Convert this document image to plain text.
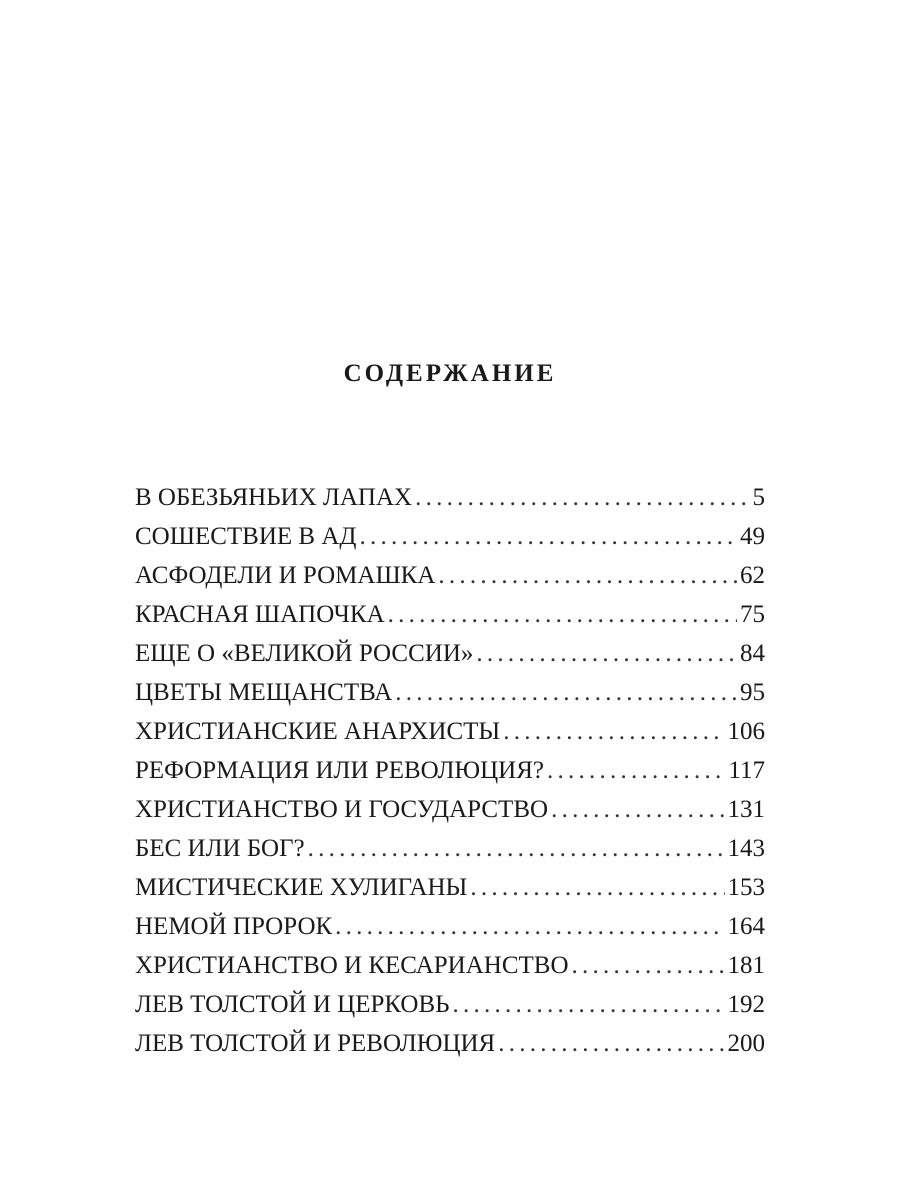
СОДЕРЖАНИЕ
В ОБЕЗЬЯНЬИХ ЛАПАХ . . .	5
СОШЕСТВИЕ В АД . . .	49
АСФОДЕЛИ И РОМАШКА . . .	62
КРАСНАЯ ШАПОЧКА . . .	75
ЕЩЕ О «ВЕЛИКОЙ РОССИИ» . . .	84
ЦВЕТЫ МЕЩАНСТВА . . .	95
ХРИСТИАНСКИЕ АНАРХИСТЫ . . .	106
РЕФОРМАЦИЯ ИЛИ РЕВОЛЮЦИЯ? . . .	117
ХРИСТИАНСТВО И ГОСУДАРСТВО . . .	131
БЕС ИЛИ БОГ? . . .	143
МИСТИЧЕСКИЕ ХУЛИГАНЫ . . .	153
НЕМОЙ ПРОРОК . . .	164
ХРИСТИАНСТВО И КЕСАРИАНСТВО . . .	181
ЛЕВ ТОЛСТОЙ И ЦЕРКОВЬ . . .	192
ЛЕВ ТОЛСТОЙ И РЕВОЛЮЦИЯ . . .	200
